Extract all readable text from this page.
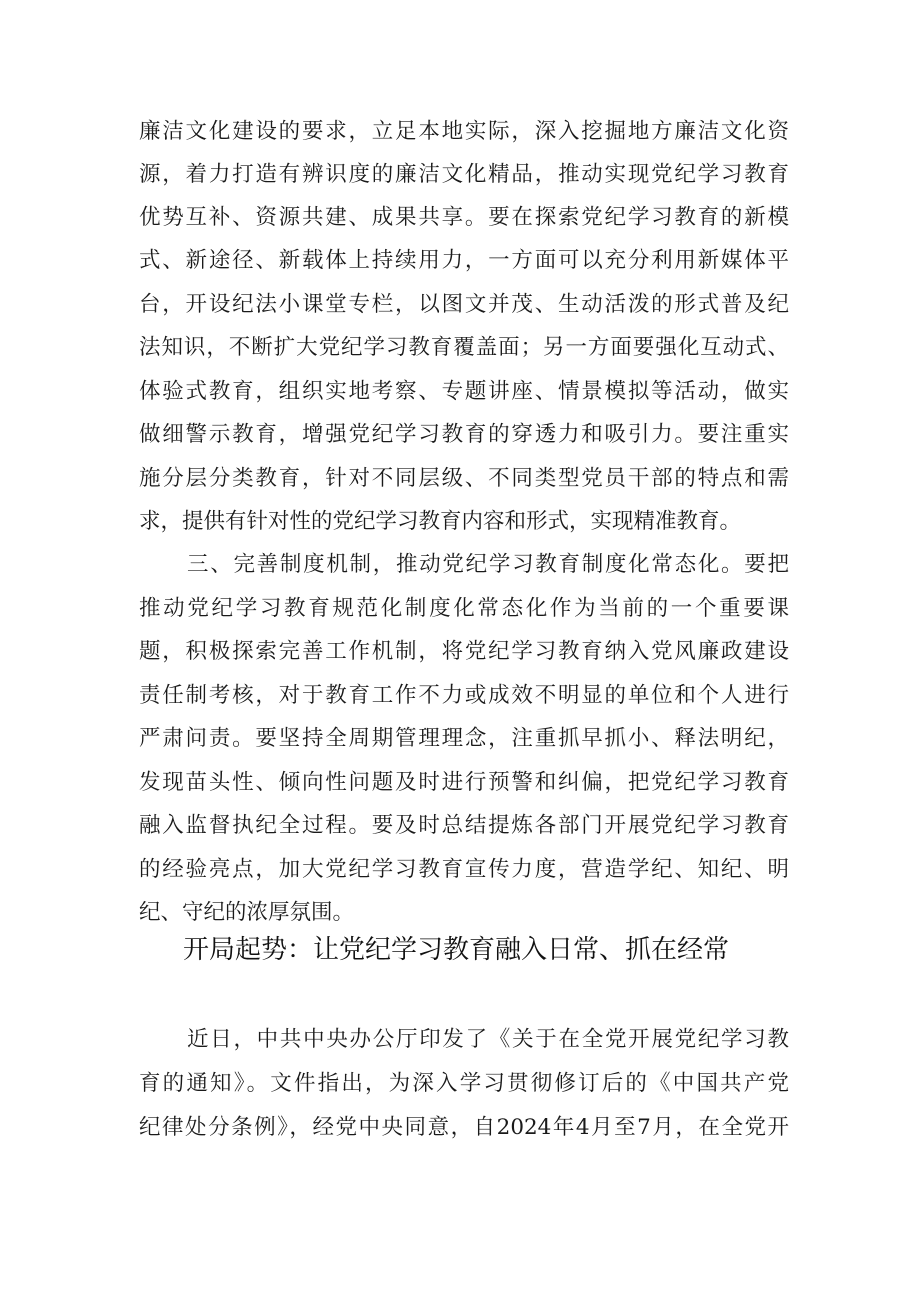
廉洁文化建设的要求，立足本地实际，深入挖掘地方廉洁文化资
源，着力打造有辨识度的廉洁文化精品，推动实现党纪学习教育
优势互补、资源共建、成果共享。要在探索党纪学习教育的新模
式、新途径、新载体上持续用力，一方面可以充分利用新媒体平
台，开设纪法小课堂专栏，以图文并茂、生动活泼的形式普及纪
法知识，不断扩大党纪学习教育覆盖面；另一方面要强化互动式、
体验式教育，组织实地考察、专题讲座、情景模拟等活动，做实
做细警示教育，增强党纪学习教育的穿透力和吸引力。要注重实
施分层分类教育，针对不同层级、不同类型党员干部的特点和需
求，提供有针对性的党纪学习教育内容和形式，实现精准教育。
三、完善制度机制，推动党纪学习教育制度化常态化。要把
推动党纪学习教育规范化制度化常态化作为当前的一个重要课
题，积极探索完善工作机制，将党纪学习教育纳入党风廉政建设
责任制考核，对于教育工作不力或成效不明显的单位和个人进行
严肃问责。要坚持全周期管理理念，注重抓早抓小、释法明纪，
发现苗头性、倾向性问题及时进行预警和纠偏，把党纪学习教育
融入监督执纪全过程。要及时总结提炼各部门开展党纪学习教育
的经验亮点，加大党纪学习教育宣传力度，营造学纪、知纪、明
纪、守纪的浓厚氛围。
开局起势：让党纪学习教育融入日常、抓在经常
近日，中共中央办公厅印发了《关于在全党开展党纪学习教
育的通知》。文件指出，为深入学习贯彻修订后的《中国共产党
纪律处分条例》，经党中央同意，自2024年4月至7月，在全党开
